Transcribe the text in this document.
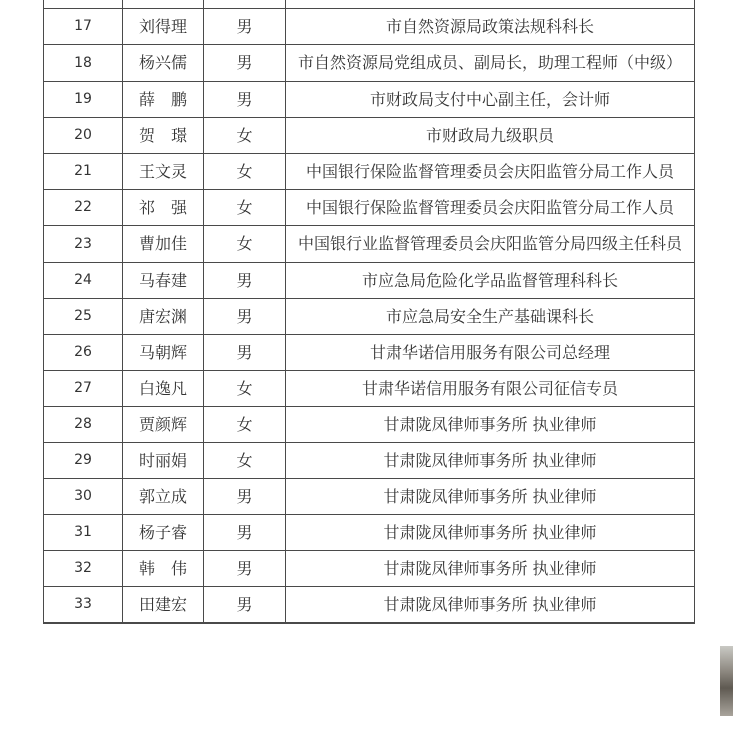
17	刘得理	男	市自然资源局政策法规科科长
18	杨兴儒	男	市自然资源局党组成员、副局长，助理工程师（中级）
19	薛　鹏	男	市财政局支付中心副主任，会计师
20	贺　璟	女	市财政局九级职员
21	王文灵	女	中国银行保险监督管理委员会庆阳监管分局工作人员
22	祁　强	女	中国银行保险监督管理委员会庆阳监管分局工作人员
23	曹加佳	女	中国银行业监督管理委员会庆阳监管分局四级主任科员
24	马春建	男	市应急局危险化学品监督管理科科长
25	唐宏渊	男	市应急局安全生产基础课科长
26	马朝辉	男	甘肃华诺信用服务有限公司总经理
27	白逸凡	女	甘肃华诺信用服务有限公司征信专员
28	贾颜辉	女	甘肃陇凤律师事务所 执业律师
29	时丽娟	女	甘肃陇凤律师事务所 执业律师
30	郭立成	男	甘肃陇凤律师事务所 执业律师
31	杨子睿	男	甘肃陇凤律师事务所 执业律师
32	韩　伟	男	甘肃陇凤律师事务所 执业律师
33	田建宏	男	甘肃陇凤律师事务所 执业律师
